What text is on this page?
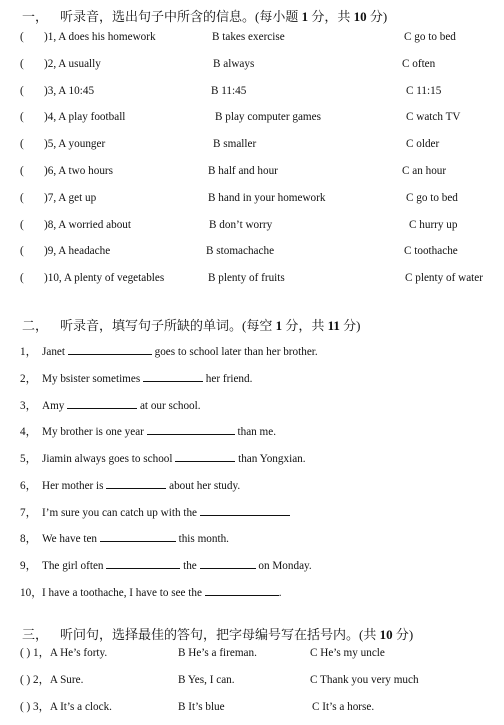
一， 听录音，选出句子中所含的信息。(每小题 1 分，共 10 分)
( )1, A does his homework	B takes exercise	C go to bed
( )2, A usually	B always	C often
( )3, A 10:45	B 11:45	C 11:15
( )4, A play football	B play computer games	C watch TV
( )5, A younger	B smaller	C older
( )6, A two hours	B half and hour	C an hour
( )7, A get up	B hand in your homework	C go to bed
( )8, A worried about	B don’t worry	C hurry up
( )9, A headache	B stomachache	C toothache
( )10, A plenty of vegetables	B plenty of fruits	C plenty of water
二， 听录音，填写句子所缺的单词。(每空 1 分，共 11 分)
1， Janet	goes to school later than her brother.
2， My bsister sometimes	her friend.
3， Amy	at our school.
4， My brother is one year	than me.
5， Jiamin always goes to school	than Yongxian.
6， Her mother is	about her study.
7， I’m sure you can catch up with the
8， We have ten	this month.
9， The girl often	the	on Monday.
10，I have a toothache, I have to see the	.
三， 听问句，选择最佳的答句，把字母编号写在括号内。(共 10 分)
( ) 1，A He’s forty.	B He’s a fireman.	C He’s my uncle
( ) 2，A Sure.	B Yes, I can.	C Thank you very much
( ) 3，A It’s a clock.	B It’s blue	C It’s a horse.
